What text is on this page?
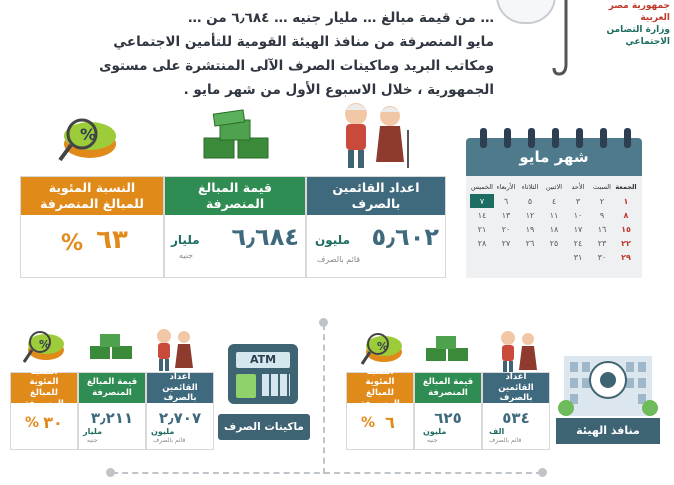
… من قيمة مبالغ … مليار جنيه … ٦٫٦٨٤ من …
مايو المنصرفة من منافذ الهيئة القومية للتأمين الاجتماعي
ومكاتب البريد وماكينات الصرف الآلى المنتشرة على مستوى
الجمهورية ، خلال الاسبوع الأول من شهر مايو .
جمهورية مصر العربية
وزارة التضامن الاجتماعي
شهر مايو
الجمعة	السبت	الأحد	الاثنين	الثلاثاء	الأربعاء	الخميس
١	٢	٣	٤	٥	٦	٧
٨	٩	١٠	١١	١٢	١٣	١٤
١٥	١٦	١٧	١٨	١٩	٢٠	٢١
٢٢	٢٣	٢٤	٢٥	٢٦	٢٧	٢٨
٢٩	٣٠	٣١				
%
اعداد القائمين بالصرف
٥٫٦٠٢
مليون
قائم بالصرف
قيمة المبالغ المنصرفة
٦٫٦٨٤
مليار
جنيه
النسبة المئوية للمبالغ المنصرفة
٦٣
%
ATM
ماكينات الصرف الآلى
%
اعداد القائمين بالصرف
٢٫٧٠٧
مليون
قائم بالصرف
قيمة المبالغ المنصرفة
٣٫٢١١
مليار
جنيه
النسبة المئوية للمبالغ المنصرفة
٣٠
%	منافذ الهيئة
%
اعداد القائمين بالصرف
٥٣٤
الف
قائم بالصرف
قيمة المبالغ المنصرفة
٦٢٥
مليون
جنيه
النسبة المئوية للمبالغ المنصرفة
٦
%
